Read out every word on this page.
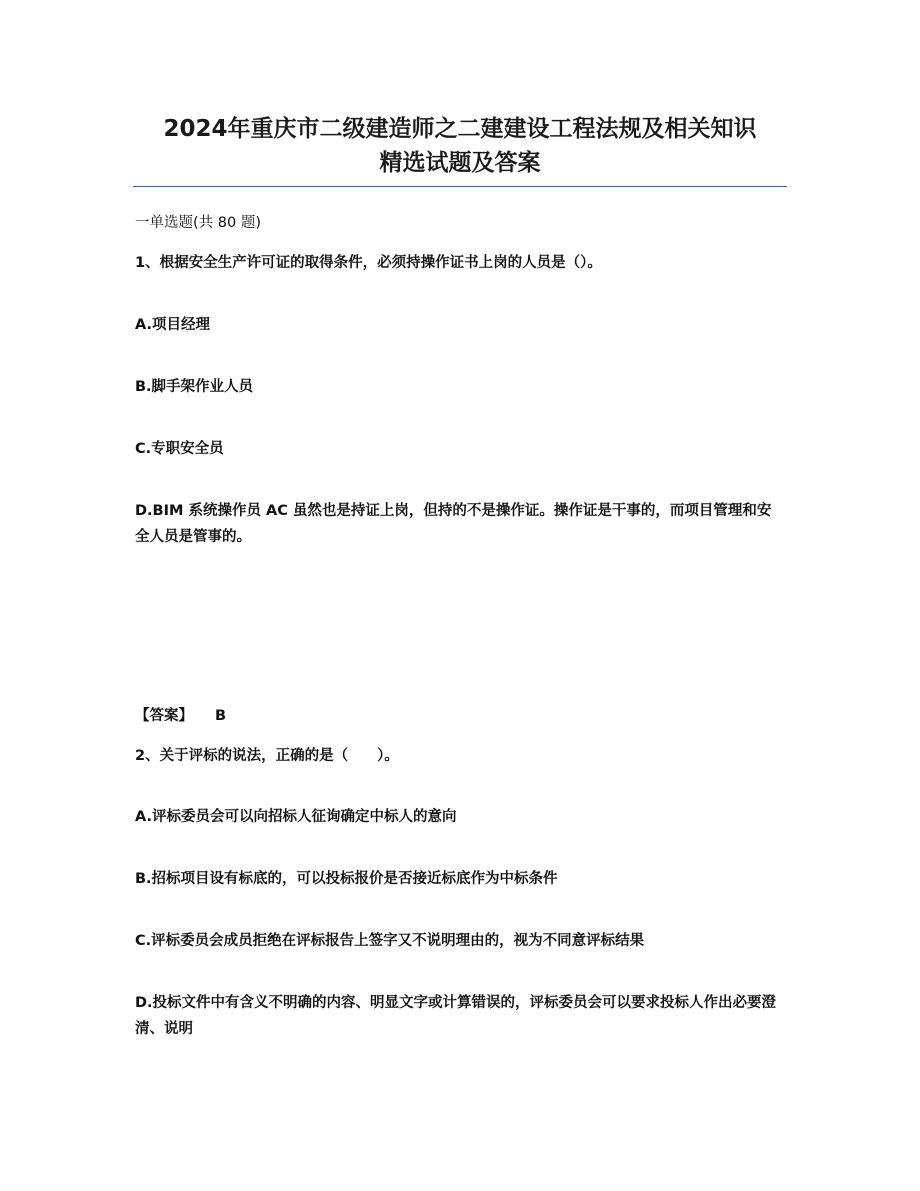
2024年重庆市二级建造师之二建建设工程法规及相关知识
精选试题及答案
一单选题(共 80 题)
1、根据安全生产许可证的取得条件，必须持操作证书上岗的人员是（）。
A.项目经理
B.脚手架作业人员
C.专职安全员
D.BIM 系统操作员 AC 虽然也是持证上岗，但持的不是操作证。操作证是干事的，而项目管理和安全人员是管事的。
【答案】 B
2、关于评标的说法，正确的是（　　）。
A.评标委员会可以向招标人征询确定中标人的意向
B.招标项目设有标底的，可以投标报价是否接近标底作为中标条件
C.评标委员会成员拒绝在评标报告上签字又不说明理由的，视为不同意评标结果
D.投标文件中有含义不明确的内容、明显文字或计算错误的，评标委员会可以要求投标人作出必要澄清、说明
